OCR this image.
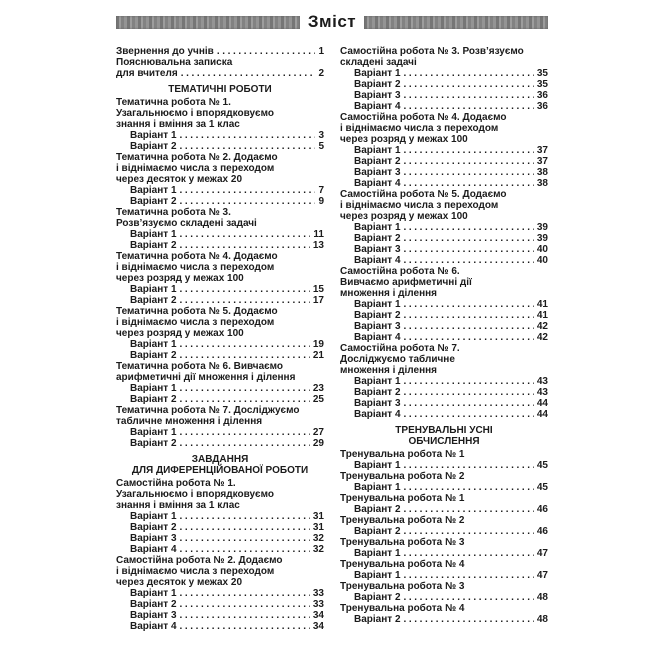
Зміст
Звернення до учнів .....	1
Пояснювальна записка
для вчителя .....	2
ТЕМАТИЧНІ РОБОТИ
Тематична робота № 1.
Узагальнюємо і впорядковуємо
знання і вміння за 1 клас
Варіант 1 .....	3
Варіант 2 .....	5
Тематична робота № 2. Додаємо
і віднімаємо числа з переходом
через десяток у межах 20
Варіант 1 .....	7
Варіант 2 .....	9
Тематична робота № 3.
Розв’язуємо складені задачі
Варіант 1 .....	11
Варіант 2 .....	13
Тематична робота № 4. Додаємо
і віднімаємо числа з переходом
через розряд у межах 100
Варіант 1 .....	15
Варіант 2 .....	17
Тематична робота № 5. Додаємо
і віднімаємо числа з переходом
через розряд у межах 100
Варіант 1 .....	19
Варіант 2 .....	21
Тематична робота № 6. Вивчаємо
арифметичні дії множення і ділення
Варіант 1 .....	23
Варіант 2 .....	25
Тематична робота № 7. Досліджуємо
табличне множення і ділення
Варіант 1 .....	27
Варіант 2 .....	29
ЗАВДАННЯ
ДЛЯ ДИФЕРЕНЦІЙОВАНОЇ РОБОТИ
Самостійна робота № 1.
Узагальнюємо і впорядковуємо
знання і вміння за 1 клас
Варіант 1 .....	31
Варіант 2 .....	31
Варіант 3 .....	32
Варіант 4 .....	32
Самостійна робота № 2. Додаємо
і віднімаємо числа з переходом
через десяток у межах 20
Варіант 1 .....	33
Варіант 2 .....	33
Варіант 3 .....	34
Варіант 4 .....	34
Самостійна робота № 3. Розв’язуємо
складені задачі
Варіант 1 .....	35
Варіант 2 .....	35
Варіант 3 .....	36
Варіант 4 .....	36
Самостійна робота № 4. Додаємо
і віднімаємо числа з переходом
через розряд у межах 100
Варіант 1 .....	37
Варіант 2 .....	37
Варіант 3 .....	38
Варіант 4 .....	38
Самостійна робота № 5. Додаємо
і віднімаємо числа з переходом
через розряд у межах 100
Варіант 1 .....	39
Варіант 2 .....	39
Варіант 3 .....	40
Варіант 4 .....	40
Самостійна робота № 6.
Вивчаємо арифметичні дії
множення і ділення
Варіант 1 .....	41
Варіант 2 .....	41
Варіант 3 .....	42
Варіант 4 .....	42
Самостійна робота № 7.
Досліджуємо табличне
множення і ділення
Варіант 1 .....	43
Варіант 2 .....	43
Варіант 3 .....	44
Варіант 4 .....	44
ТРЕНУВАЛЬНІ УСНІ
ОБЧИСЛЕННЯ
Тренувальна робота № 1
Варіант 1 .....	45
Тренувальна робота № 2
Варіант 1 .....	45
Тренувальна робота № 1
Варіант 2 .....	46
Тренувальна робота № 2
Варіант 2 .....	46
Тренувальна робота № 3
Варіант 1 .....	47
Тренувальна робота № 4
Варіант 1 .....	47
Тренувальна робота № 3
Варіант 2 .....	48
Тренувальна робота № 4
Варіант 2 .....	48
